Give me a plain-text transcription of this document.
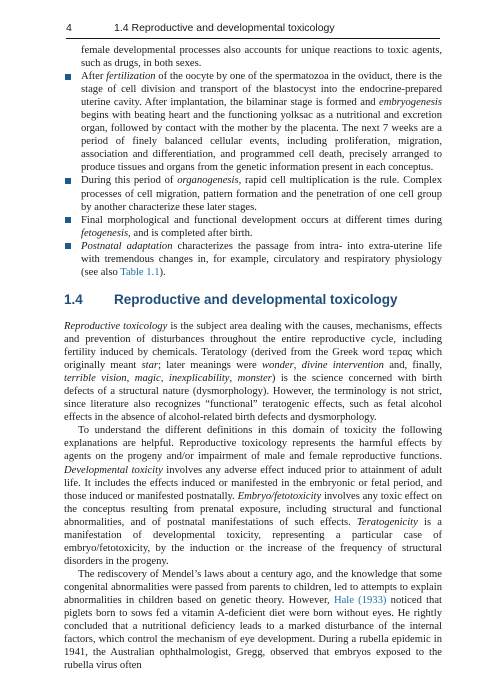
4	1.4 Reproductive and developmental toxicology

female developmental processes also accounts for unique reactions to toxic agents, such as drugs, in both sexes.

After fertilization of the oocyte by one of the spermatozoa in the oviduct, there is the stage of cell division and transport of the blastocyst into the endocrine-prepared uterine cavity. After implantation, the bilaminar stage is formed and embryogenesis begins with beating heart and the functioning yolksac as a nutritional and excretion organ, followed by contact with the mother by the placenta. The next 7 weeks are a period of finely balanced cellular events, including proliferation, migration, association and differentiation, and programmed cell death, precisely arranged to produce tissues and organs from the genetic information present in each conceptus.

During this period of organogenesis, rapid cell multiplication is the rule. Complex processes of cell migration, pattern formation and the penetration of one cell group by another characterize these later stages.

Final morphological and functional development occurs at different times during fetogenesis, and is completed after birth.

Postnatal adaptation characterizes the passage from intra- into extra-uterine life with tremendous changes in, for example, circulatory and respiratory physiology (see also Table 1.1).

1.4 Reproductive and developmental toxicology

Reproductive toxicology is the subject area dealing with the causes, mechanisms, effects and prevention of disturbances throughout the entire reproductive cycle, including fertility induced by chemicals. Teratology (derived from the Greek word τερας which originally meant star; later meanings were wonder, divine intervention and, finally, terrible vision, magic, inexplicability, monster) is the science concerned with birth defects of a structural nature (dysmorphology). However, the terminology is not strict, since literature also recognizes “functional” teratogenic effects, such as fetal alcohol effects in the absence of alcohol-related birth defects and dysmorphology.

To understand the different definitions in this domain of toxicity the following explanations are helpful. Reproductive toxicology represents the harmful effects by agents on the progeny and/or impairment of male and female reproductive functions. Developmental toxicity involves any adverse effect induced prior to attainment of adult life. It includes the effects induced or manifested in the embryonic or fetal period, and those induced or manifested postnatally. Embryo/fetotoxicity involves any toxic effect on the conceptus resulting from prenatal exposure, including structural and functional abnormalities, and of postnatal manifestations of such effects. Teratogenicity is a manifestation of developmental toxicity, representing a particular case of embryo/fetotoxicity, by the induction or the increase of the frequency of structural disorders in the progeny.

The rediscovery of Mendel’s laws about a century ago, and the knowledge that some congenital abnormalities were passed from parents to children, led to attempts to explain abnormalities in children based on genetic theory. However, Hale (1933) noticed that piglets born to sows fed a vitamin A-deficient diet were born without eyes. He rightly concluded that a nutritional deficiency leads to a marked disturbance of the internal factors, which control the mechanism of eye development. During a rubella epidemic in 1941, the Australian ophthalmologist, Gregg, observed that embryos exposed to the rubella virus often
